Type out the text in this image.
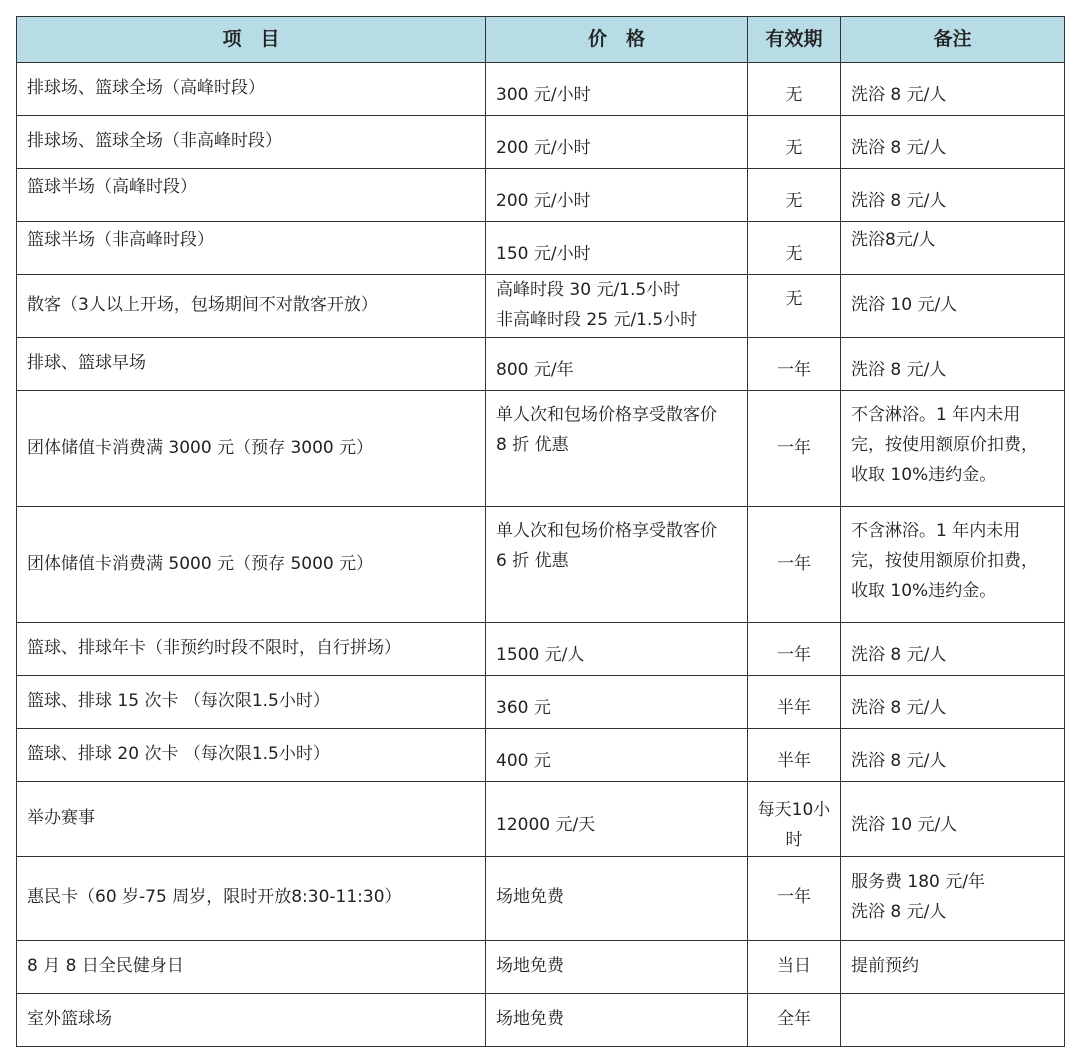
项　目	价　格	有效期	备注
排球场、篮球全场（高峰时段）	300 元/小时	无	洗浴 8 元/人

排球场、篮球全场（非高峰时段）	200 元/小时	无	洗浴 8 元/人

篮球半场（高峰时段）	200 元/小时	无	洗浴 8 元/人

篮球半场（非高峰时段）	150 元/小时	无	洗浴8元/人

散客（3人以上开场，包场期间不对散客开放）	高峰时段 30 元/1.5小时
非高峰时段 25 元/1.5小时	无	洗浴 10 元/人

排球、篮球早场	800 元/年	一年	洗浴 8 元/人

团体储值卡消费满 3000 元（预存 3000 元）	单人次和包场价格享受散客价
8 折 优惠	一年	不含淋浴。1 年内未用
完，按使用额原价扣费，
收取 10%违约金。

团体储值卡消费满 5000 元（预存 5000 元）	单人次和包场价格享受散客价
6 折 优惠	一年	不含淋浴。1 年内未用
完，按使用额原价扣费，
收取 10%违约金。

篮球、排球年卡（非预约时段不限时，自行拼场）	1500 元/人	一年	洗浴 8 元/人

篮球、排球 15 次卡 （每次限1.5小时）	360 元	半年	洗浴 8 元/人

篮球、排球 20 次卡 （每次限1.5小时）	400 元	半年	洗浴 8 元/人

举办赛事	12000 元/天	每天10小时	洗浴 10 元/人

惠民卡（60 岁-75 周岁，限时开放8:30-11:30）	场地免费	一年	服务费 180 元/年
洗浴 8 元/人

8 月 8 日全民健身日	场地免费	当日	提前预约

室外篮球场	场地免费	全年	
